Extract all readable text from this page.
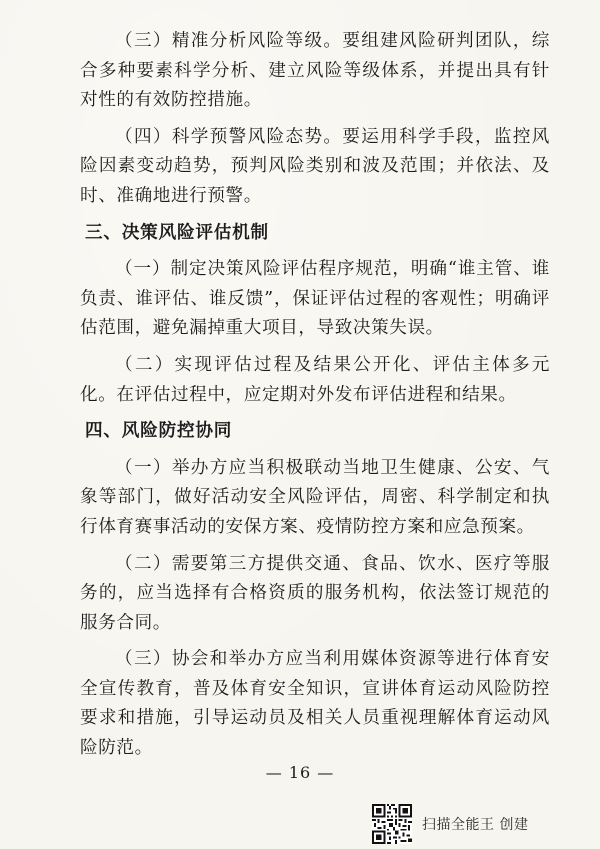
（三）精准分析风险等级。要组建风险研判团队，综合多种要素科学分析、建立风险等级体系，并提出具有针对性的有效防控措施。

（四）科学预警风险态势。要运用科学手段，监控风险因素变动趋势，预判风险类别和波及范围；并依法、及时、准确地进行预警。

三、决策风险评估机制

（一）制定决策风险评估程序规范，明确“谁主管、谁负责、谁评估、谁反馈”，保证评估过程的客观性；明确评估范围，避免漏掉重大项目，导致决策失误。

（二）实现评估过程及结果公开化、评估主体多元化。在评估过程中，应定期对外发布评估进程和结果。

四、风险防控协同

（一）举办方应当积极联动当地卫生健康、公安、气象等部门，做好活动安全风险评估，周密、科学制定和执行体育赛事活动的安保方案、疫情防控方案和应急预案。

（二）需要第三方提供交通、食品、饮水、医疗等服务的，应当选择有合格资质的服务机构，依法签订规范的服务合同。

（三）协会和举办方应当利用媒体资源等进行体育安全宣传教育，普及体育安全知识，宣讲体育运动风险防控要求和措施，引导运动员及相关人员重视理解体育运动风险防范。

— 16 —
扫描全能王 创建
